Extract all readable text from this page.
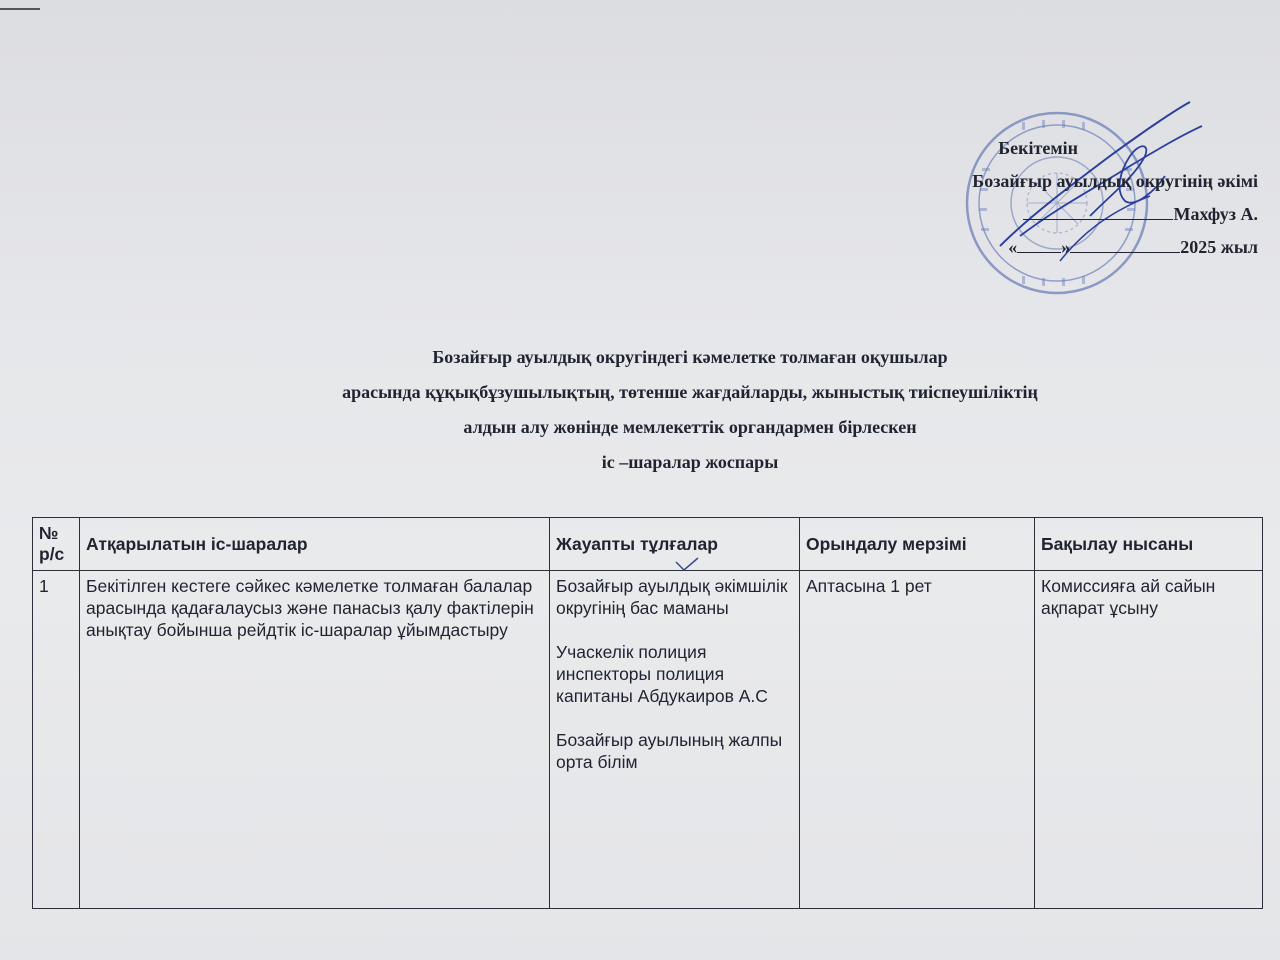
Бекітемін
Бозайғыр ауылдық округінің әкімі
Махфуз А.
« »	2025 жыл
Бозайғыр ауылдық округіндегі кәмелетке толмаған оқушылар
арасында құқықбұзушылықтың, төтенше жағдайларды, жыныстық тиіспеушіліктің
алдын алу жөнінде мемлекеттік органдармен бірлескен
іс –шаралар жоспары
№ р/с	Атқарылатын іс-шаралар	Жауапты тұлғалар	Орындалу мерзімі	Бақылау нысаны
1	Бекітілген кестеге сәйкес кәмелетке толмаған балалар арасында қадағалаусыз және панасыз қалу фактілерін анықтау бойынша рейдтік іс-шаралар ұйымдастыру	Бозайғыр ауылдық әкімшілік округінің бас маманы
Учаскелік полиция инспекторы полиция капитаны Абдукаиров А.С
Бозайғыр ауылының жалпы орта білім	Аптасына 1 рет	Комиссияға ай сайын ақпарат ұсыну
